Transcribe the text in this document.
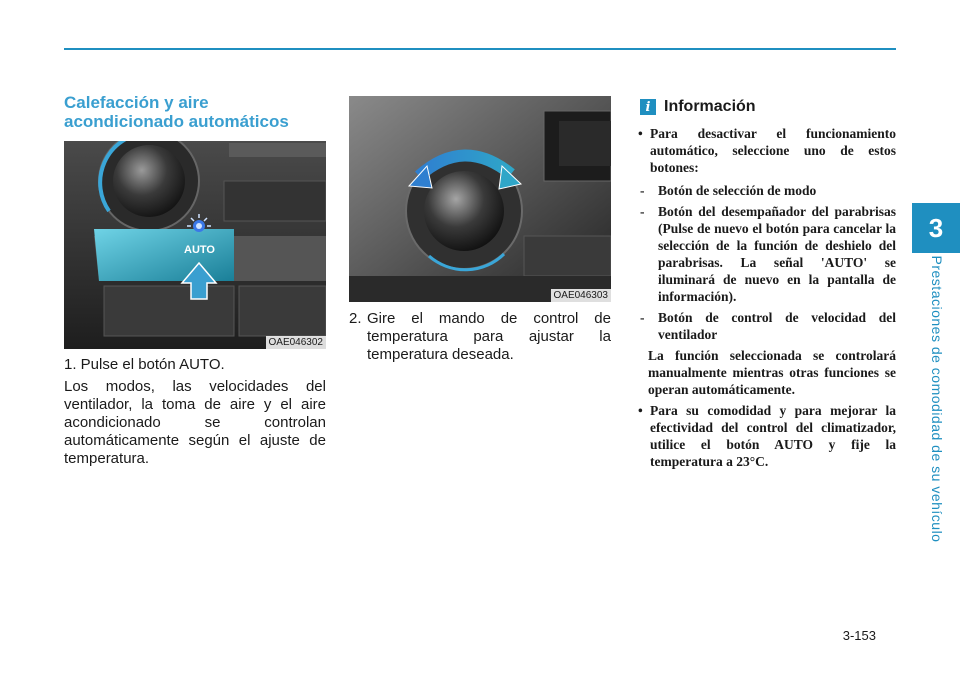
3
Prestaciones de comodidad de su vehículo
Calefacción y aire
acondicionado automáticos
AUTO
OAE046302
OAE046303
1. Pulse el botón AUTO.
Los modos, las velocidades del ventilador, la toma de aire y el aire acondicionado se controlan automáticamente según el ajuste de temperatura.
2. Gire el mando de control de temperatura para ajustar la temperatura deseada.
i Información
• Para desactivar el funcionamiento automático, seleccione uno de estos botones:
-	Botón de selección de modo
-	Botón del desempañador del parabrisas (Pulse de nuevo el botón para cancelar la selección de la función de deshielo del parabrisas. La señal 'AUTO' se iluminará de nuevo en la pantalla de información).
-	Botón de control de velocidad del ventilador
La función seleccionada se controlará manualmente mientras otras funciones se operan automáticamente.
• Para su comodidad y para mejorar la efectividad del control del climatizador, utilice el botón AUTO y fije la temperatura a 23°C.
3-153
